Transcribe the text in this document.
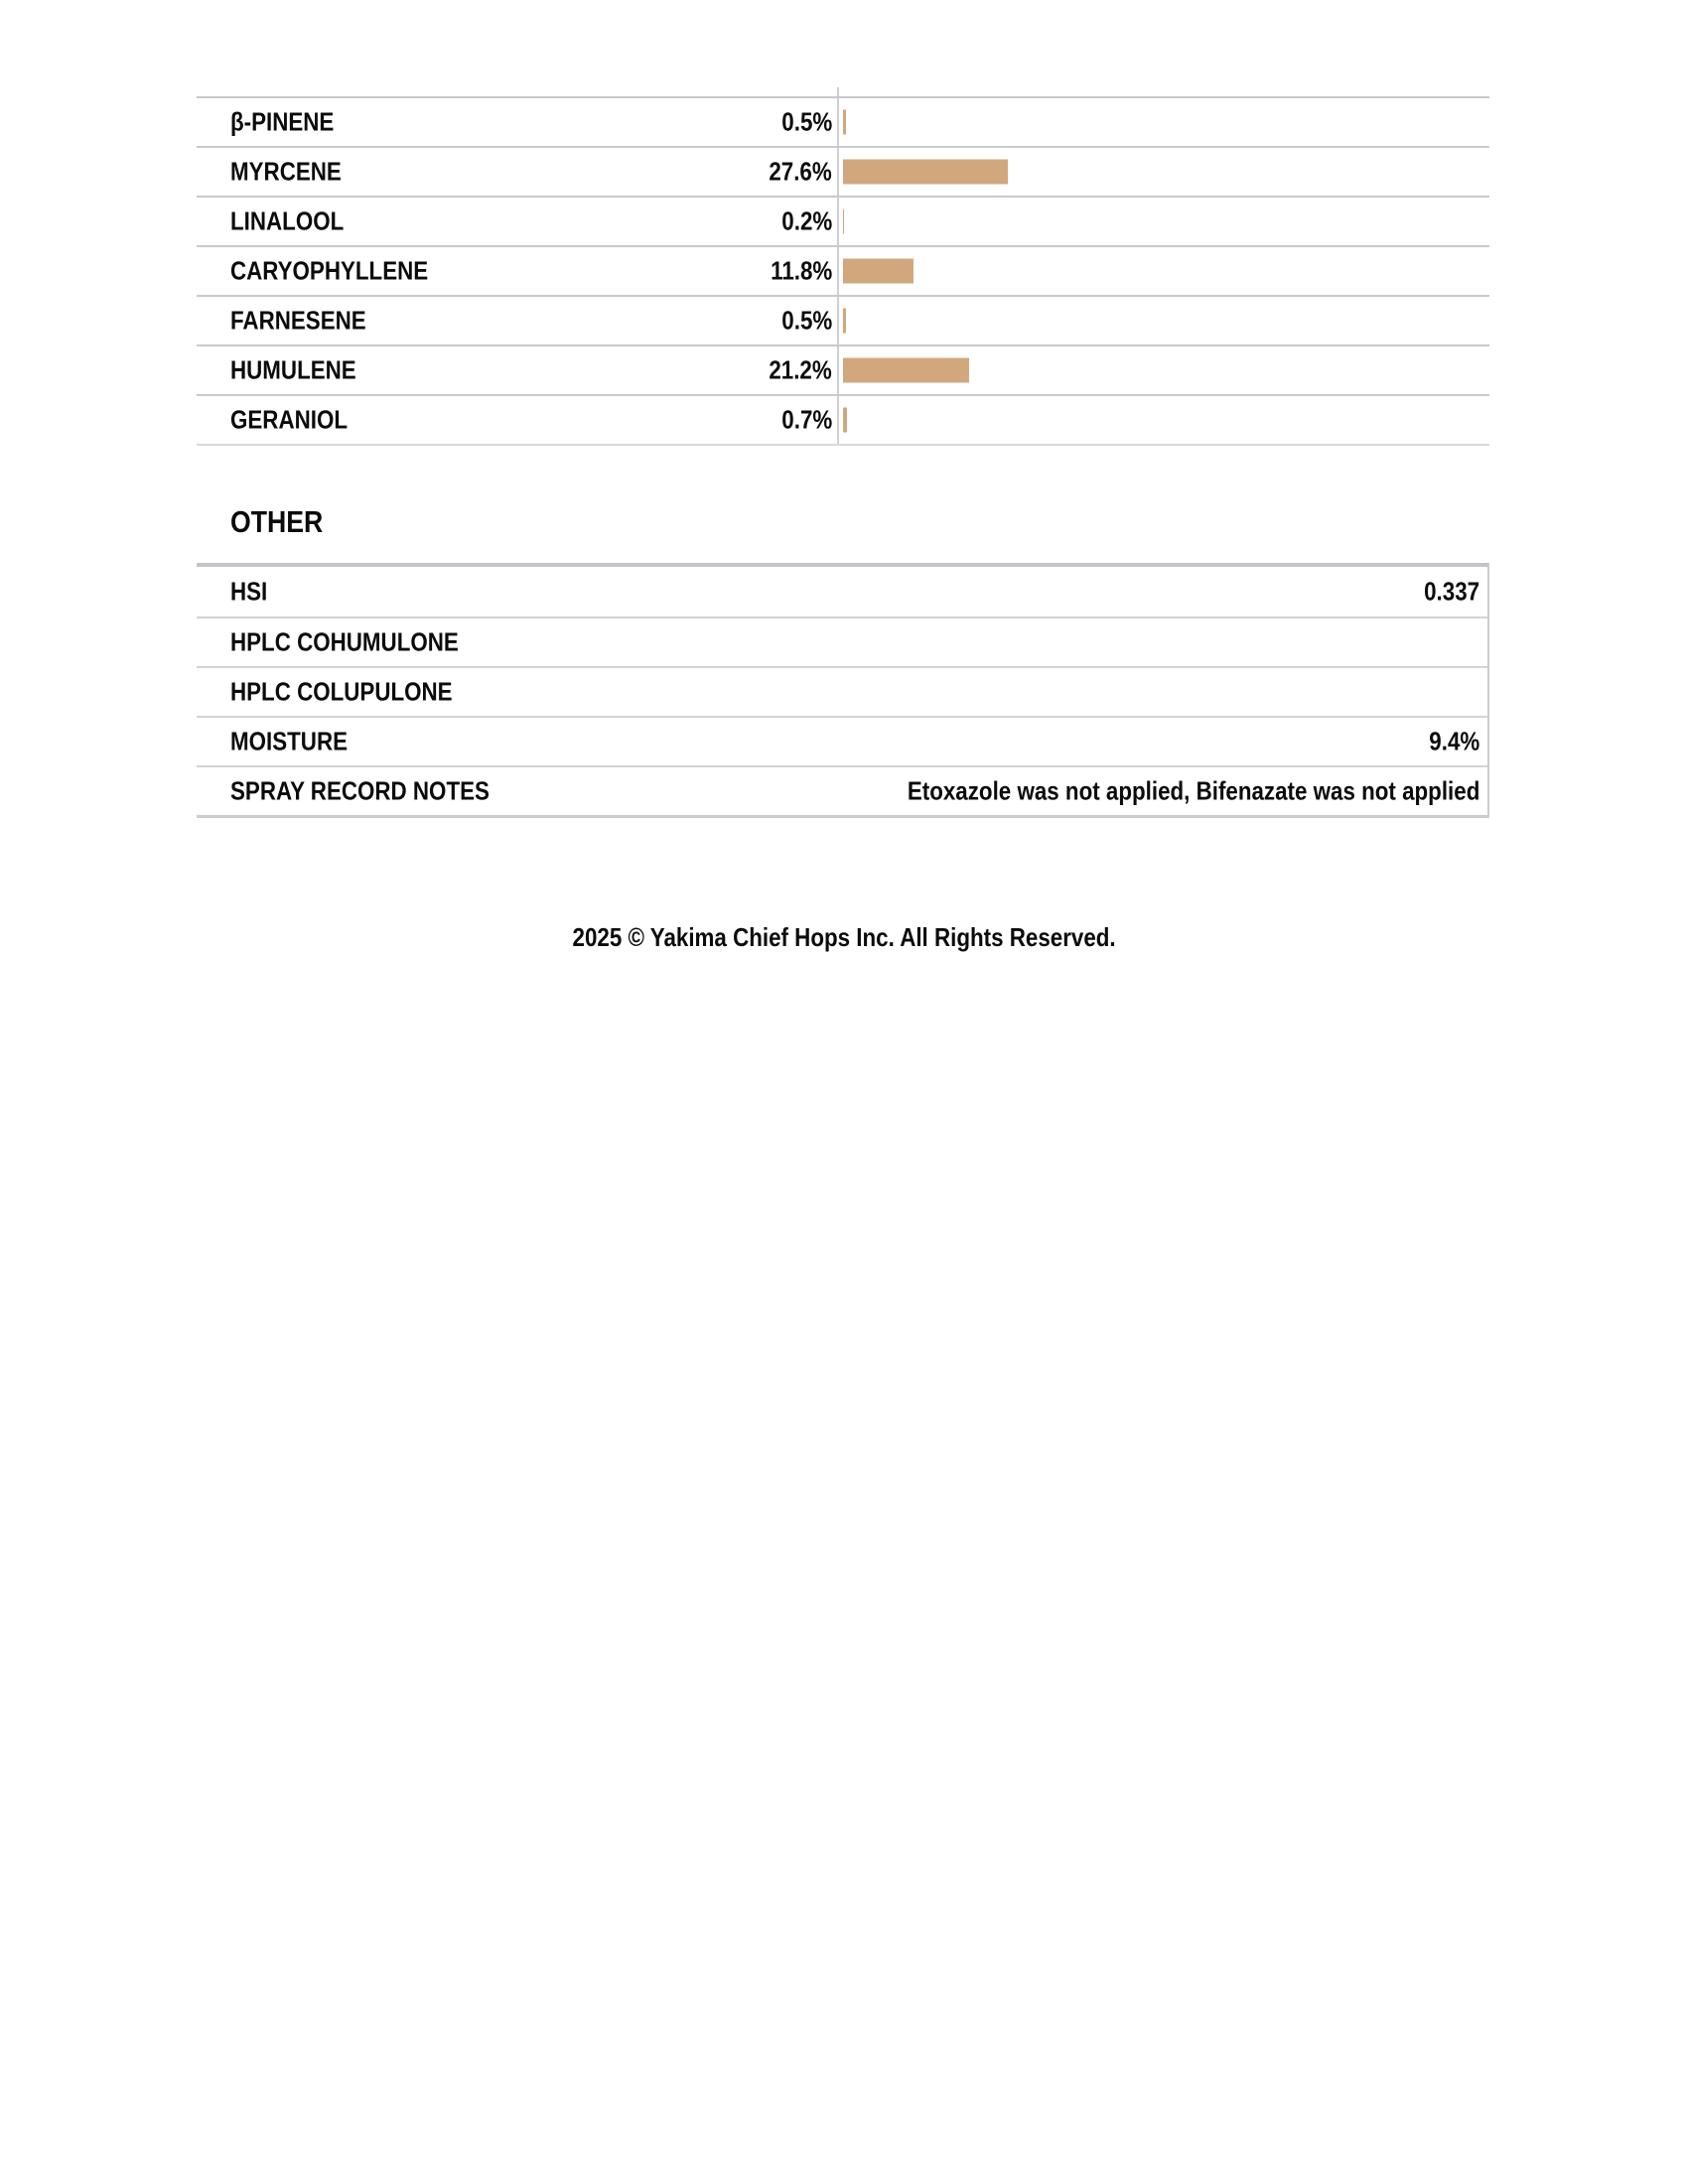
β-PINENE	0.5%
MYRCENE	27.6%
LINALOOL	0.2%
CARYOPHYLLENE	11.8%
FARNESENE	0.5%
HUMULENE	21.2%
GERANIOL	0.7%
OTHER
HSI	0.337
HPLC COHUMULONE
HPLC COLUPULONE
MOISTURE	9.4%
SPRAY RECORD NOTES	Etoxazole was not applied, Bifenazate was not applied
2025 © Yakima Chief Hops Inc. All Rights Reserved.
